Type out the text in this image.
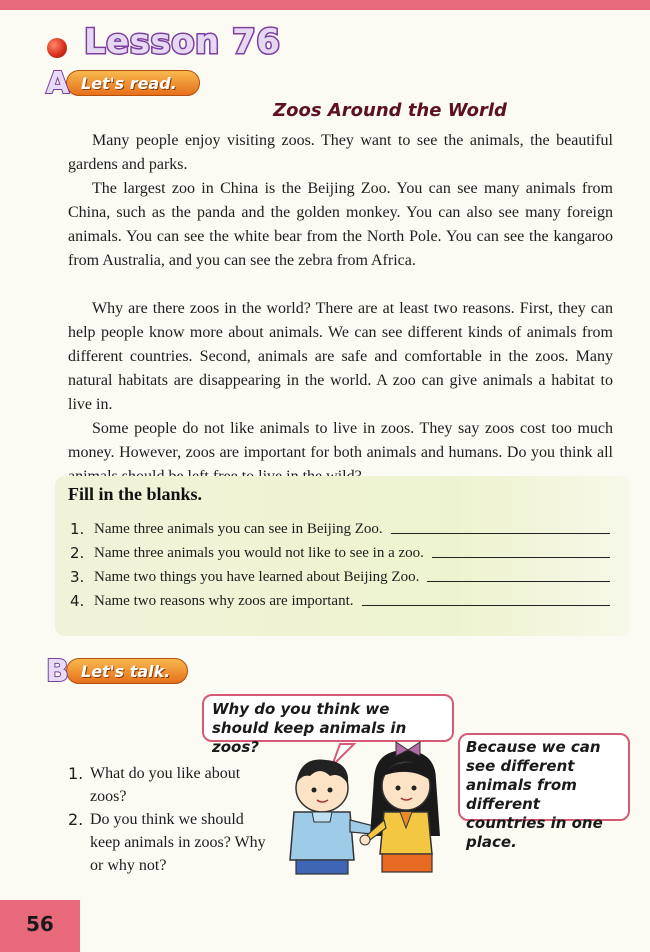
Lesson 76
Let's read.
A
Zoos Around the World

Many people enjoy visiting zoos. They want to see the animals, the beautiful gardens and parks.

The largest zoo in China is the Beijing Zoo. You can see many animals from China, such as the panda and the golden monkey. You can also see many foreign animals. You can see the white bear from the North Pole. You can see the kangaroo from Australia, and you can see the zebra from Africa.

Why are there zoos in the world? There are at least two reasons. First, they can help people know more about animals. We can see different kinds of animals from different countries. Second, animals are safe and comfortable in the zoos. Many natural habitats are disappearing in the world. A zoo can give animals a habitat to live in.

Some people do not like animals to live in zoos. They say zoos cost too much money. However, zoos are important for both animals and humans. Do you think all

Fill in the blanks.
1. Name three animals you can see in Beijing Zoo.
2. Name three animals you would not like to see in a zoo.
3. Name two things you have learned about Beijing Zoo.
4. Name two reasons why zoos are important.
Let's talk.
B
Why do you think we should keep animals in zoos?	Because we can see different animals from different countries in one place.
1. What do you like about zoos?
2. Do you think we should keep animals in zoos? Why or why not?
56
